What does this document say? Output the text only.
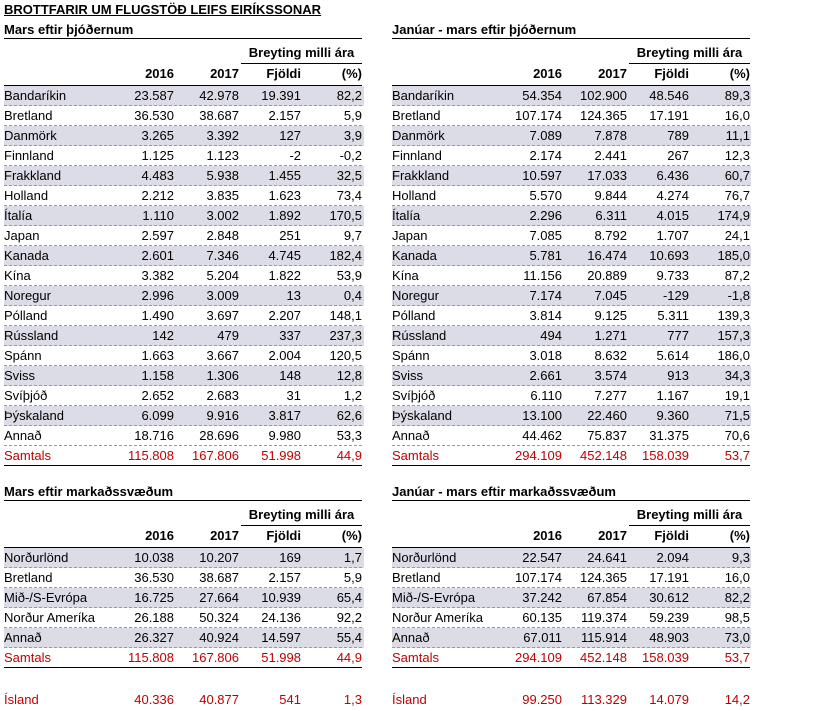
BROTTFARIR UM FLUGSTÖÐ LEIFS EIRÍKSSONAR
Mars eftir þjóðernum
Breyting milli ára
2016	2017	Fjöldi	(%)
Bandaríkin	23.587	42.978	19.391	82,2
Bretland	36.530	38.687	2.157	5,9
Danmörk	3.265	3.392	127	3,9
Finnland	1.125	1.123	-2	-0,2
Frakkland	4.483	5.938	1.455	32,5
Holland	2.212	3.835	1.623	73,4
Ítalía	1.110	3.002	1.892	170,5
Japan	2.597	2.848	251	9,7
Kanada	2.601	7.346	4.745	182,4
Kína	3.382	5.204	1.822	53,9
Noregur	2.996	3.009	13	0,4
Pólland	1.490	3.697	2.207	148,1
Rússland	142	479	337	237,3
Spánn	1.663	3.667	2.004	120,5
Sviss	1.158	1.306	148	12,8
Svíþjóð	2.652	2.683	31	1,2
Þýskaland	6.099	9.916	3.817	62,6
Annað	18.716	28.696	9.980	53,3
Samtals	115.808	167.806	51.998	44,9
Janúar - mars eftir þjóðernum
Breyting milli ára
2016	2017	Fjöldi	(%)
Bandaríkin	54.354	102.900	48.546	89,3
Bretland	107.174	124.365	17.191	16,0
Danmörk	7.089	7.878	789	11,1
Finnland	2.174	2.441	267	12,3
Frakkland	10.597	17.033	6.436	60,7
Holland	5.570	9.844	4.274	76,7
Ítalía	2.296	6.311	4.015	174,9
Japan	7.085	8.792	1.707	24,1
Kanada	5.781	16.474	10.693	185,0
Kína	11.156	20.889	9.733	87,2
Noregur	7.174	7.045	-129	-1,8
Pólland	3.814	9.125	5.311	139,3
Rússland	494	1.271	777	157,3
Spánn	3.018	8.632	5.614	186,0
Sviss	2.661	3.574	913	34,3
Svíþjóð	6.110	7.277	1.167	19,1
Þýskaland	13.100	22.460	9.360	71,5
Annað	44.462	75.837	31.375	70,6
Samtals	294.109	452.148	158.039	53,7
Mars eftir markaðssvæðum
Breyting milli ára
2016	2017	Fjöldi	(%)
Norðurlönd	10.038	10.207	169	1,7
Bretland	36.530	38.687	2.157	5,9
Mið-/S-Evrópa	16.725	27.664	10.939	65,4
Norður Ameríka	26.188	50.324	24.136	92,2
Annað	26.327	40.924	14.597	55,4
Samtals	115.808	167.806	51.998	44,9
Ísland	40.336	40.877	541	1,3
Janúar - mars eftir markaðssvæðum
Breyting milli ára
2016	2017	Fjöldi	(%)
Norðurlönd	22.547	24.641	2.094	9,3
Bretland	107.174	124.365	17.191	16,0
Mið-/S-Evrópa	37.242	67.854	30.612	82,2
Norður Ameríka	60.135	119.374	59.239	98,5
Annað	67.011	115.914	48.903	73,0
Samtals	294.109	452.148	158.039	53,7
Ísland	99.250	113.329	14.079	14,2
